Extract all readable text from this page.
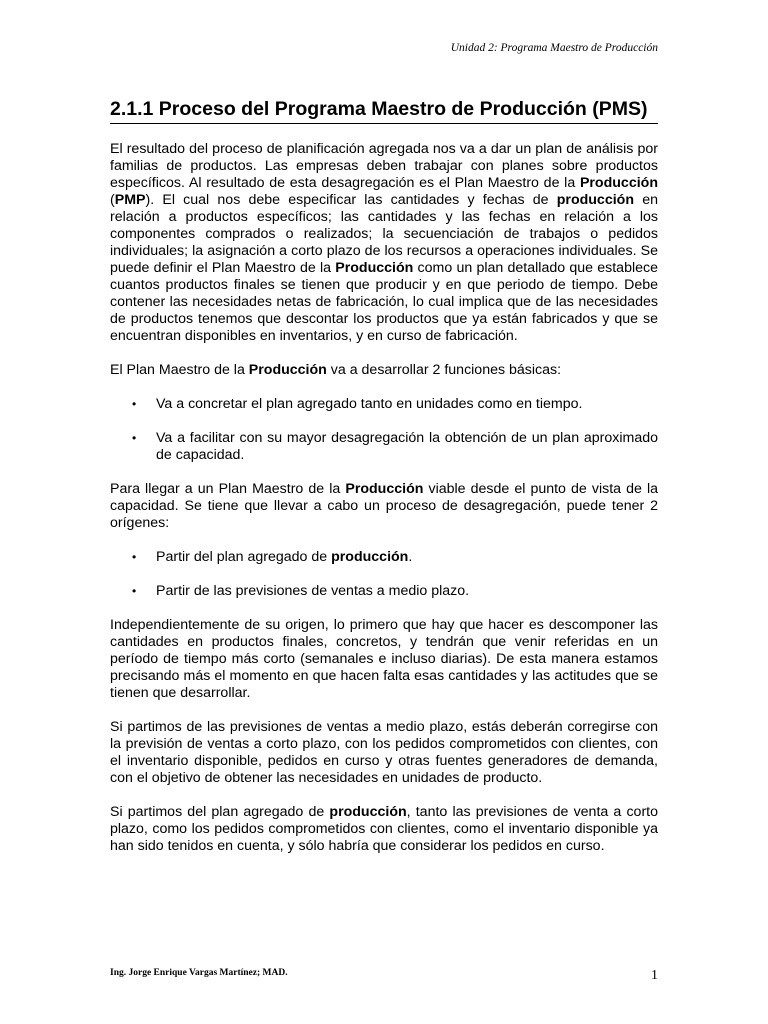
Unidad 2: Programa Maestro de Producción

2.1.1 Proceso del Programa Maestro de Producción (PMS)

El resultado del proceso de planificación agregada nos va a dar un plan de análisis por familias de productos. Las empresas deben trabajar con planes sobre productos específicos. Al resultado de esta desagregación es el Plan Maestro de la Producción (PMP). El cual nos debe especificar las cantidades y fechas de producción en relación a productos específicos; las cantidades y las fechas en relación a los componentes comprados o realizados; la secuenciación de trabajos o pedidos individuales; la asignación a corto plazo de los recursos a operaciones individuales. Se puede definir el Plan Maestro de la Producción como un plan detallado que establece cuantos productos finales se tienen que producir y en que periodo de tiempo. Debe contener las necesidades netas de fabricación, lo cual implica que de las necesidades de productos tenemos que descontar los productos que ya están fabricados y que se encuentran disponibles en inventarios, y en curso de fabricación.

El Plan Maestro de la Producción va a desarrollar 2 funciones básicas:

• Va a concretar el plan agregado tanto en unidades como en tiempo.
• Va a facilitar con su mayor desagregación la obtención de un plan aproximado de capacidad.

Para llegar a un Plan Maestro de la Producción viable desde el punto de vista de la capacidad. Se tiene que llevar a cabo un proceso de desagregación, puede tener 2 orígenes:

• Partir del plan agregado de producción.
• Partir de las previsiones de ventas a medio plazo.

Independientemente de su origen, lo primero que hay que hacer es descomponer las cantidades en productos finales, concretos, y tendrán que venir referidas en un período de tiempo más corto (semanales e incluso diarias). De esta manera estamos precisando más el momento en que hacen falta esas cantidades y las actitudes que se tienen que desarrollar.

Si partimos de las previsiones de ventas a medio plazo, estás deberán corregirse con la previsión de ventas a corto plazo, con los pedidos comprometidos con clientes, con el inventario disponible, pedidos en curso y otras fuentes generadores de demanda, con el objetivo de obtener las necesidades en unidades de producto.

Si partimos del plan agregado de producción, tanto las previsiones de venta a corto plazo, como los pedidos comprometidos con clientes, como el inventario disponible ya han sido tenidos en cuenta, y sólo habría que considerar los pedidos en curso.

Ing. Jorge Enrique Vargas Martínez; MAD.	1
